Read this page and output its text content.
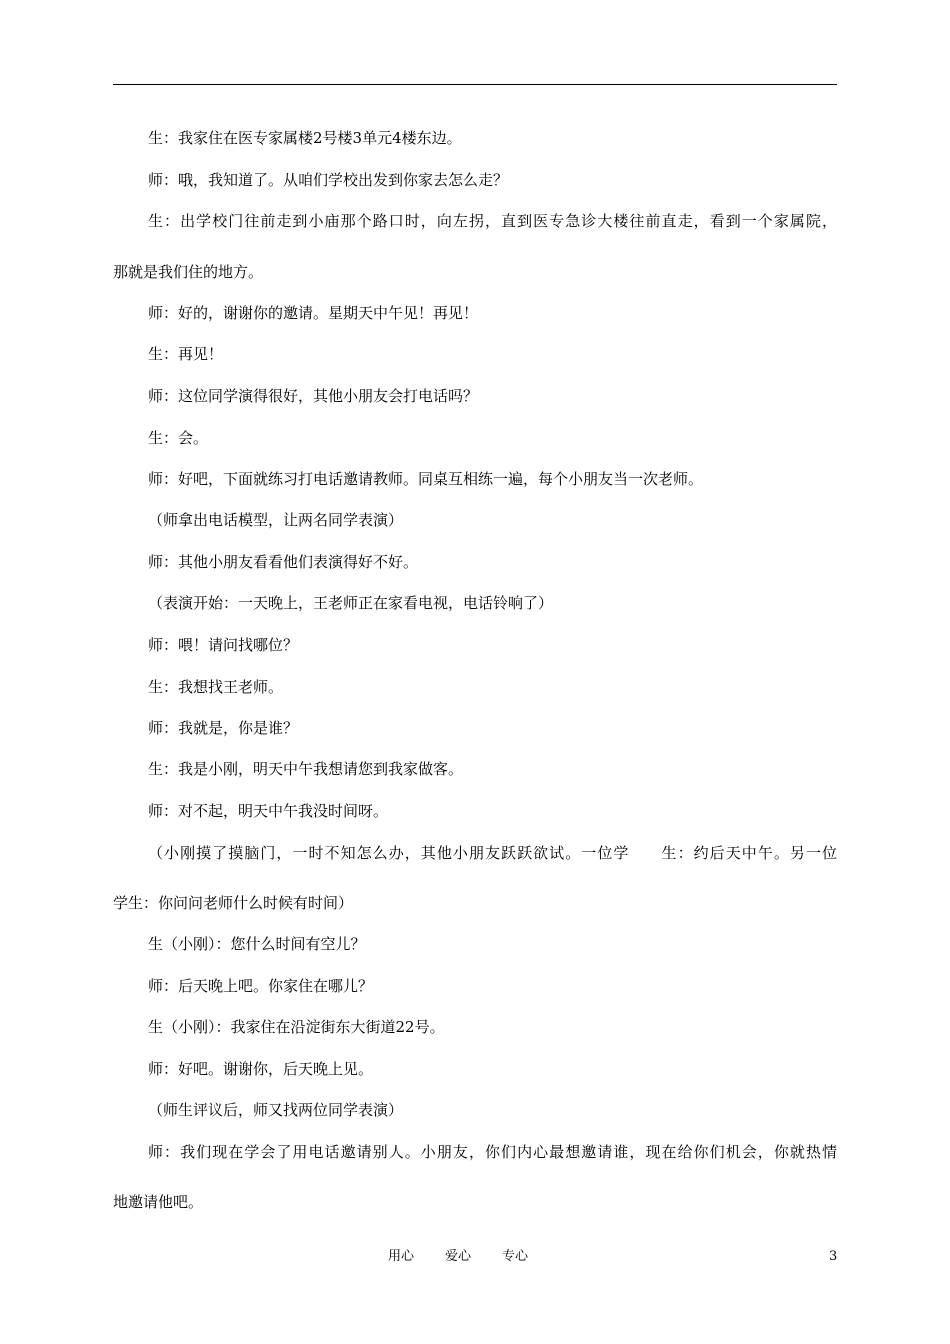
生：我家住在医专家属楼2号楼3单元4楼东边。
师：哦，我知道了。从咱们学校出发到你家去怎么走？
生：出学校门往前走到小庙那个路口时，向左拐，直到医专急诊大楼往前直走，看到一个家属院，
那就是我们住的地方。
师：好的，谢谢你的邀请。星期天中午见！再见！
生：再见！
师：这位同学演得很好，其他小朋友会打电话吗？
生：会。
师：好吧，下面就练习打电话邀请教师。同桌互相练一遍，每个小朋友当一次老师。
（师拿出电话模型，让两名同学表演）
师：其他小朋友看看他们表演得好不好。
（表演开始：一天晚上，王老师正在家看电视，电话铃响了）
师：喂！请问找哪位？
生：我想找王老师。
师：我就是，你是谁？
生：我是小刚，明天中午我想请您到我家做客。
师：对不起，明天中午我没时间呀。
（小刚摸了摸脑门，一时不知怎么办，其他小朋友跃跃欲试。一位学　　生：约后天中午。另一位
学生：你问问老师什么时候有时间）
生（小刚）：您什么时间有空儿？
师：后天晚上吧。你家住在哪儿？
生（小刚）：我家住在沿淀街东大街道22号。
师：好吧。谢谢你，后天晚上见。
（师生评议后，师又找两位同学表演）
师：我们现在学会了用电话邀请别人。小朋友，你们内心最想邀请谁，现在给你们机会，你就热情
地邀请他吧。
用心 爱心 专心	3
